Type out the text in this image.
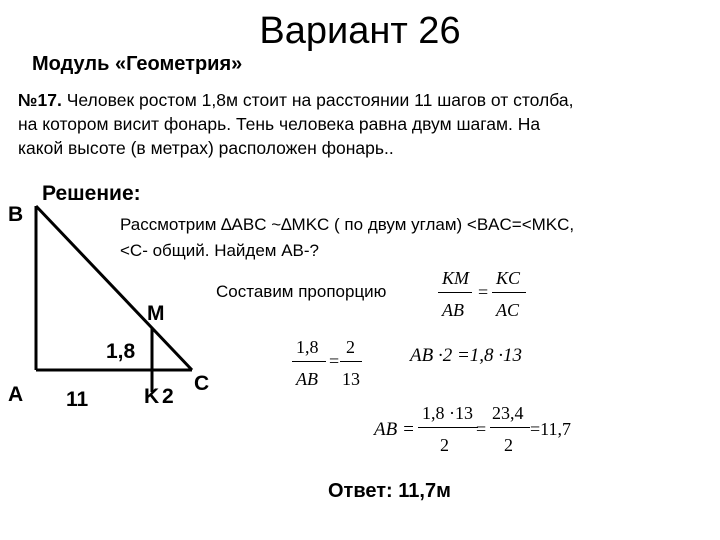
Вариант 26
Модуль «Геометрия»
№17. Человек ростом 1,8м стоит на расстоянии 11 шагов от столба,
на котором висит фонарь. Тень человека равна двум шагам. На
какой высоте (в метрах) расположен фонарь..
Решение:
B
A
M
K
C
1,8
11	2
Рассмотрим ∆ABC ~∆MKC ( по двум углам) <BAC=<MKC,
<C- общий. Найдем AB-?
Составим пропорцию
KM
AB
=
KC
AC
1,8
AB
=
2
13
AB ·2 =1,8 ·13
AB =
1,8 ·13
2
=
23,4
2
=11,7
Ответ: 11,7м
